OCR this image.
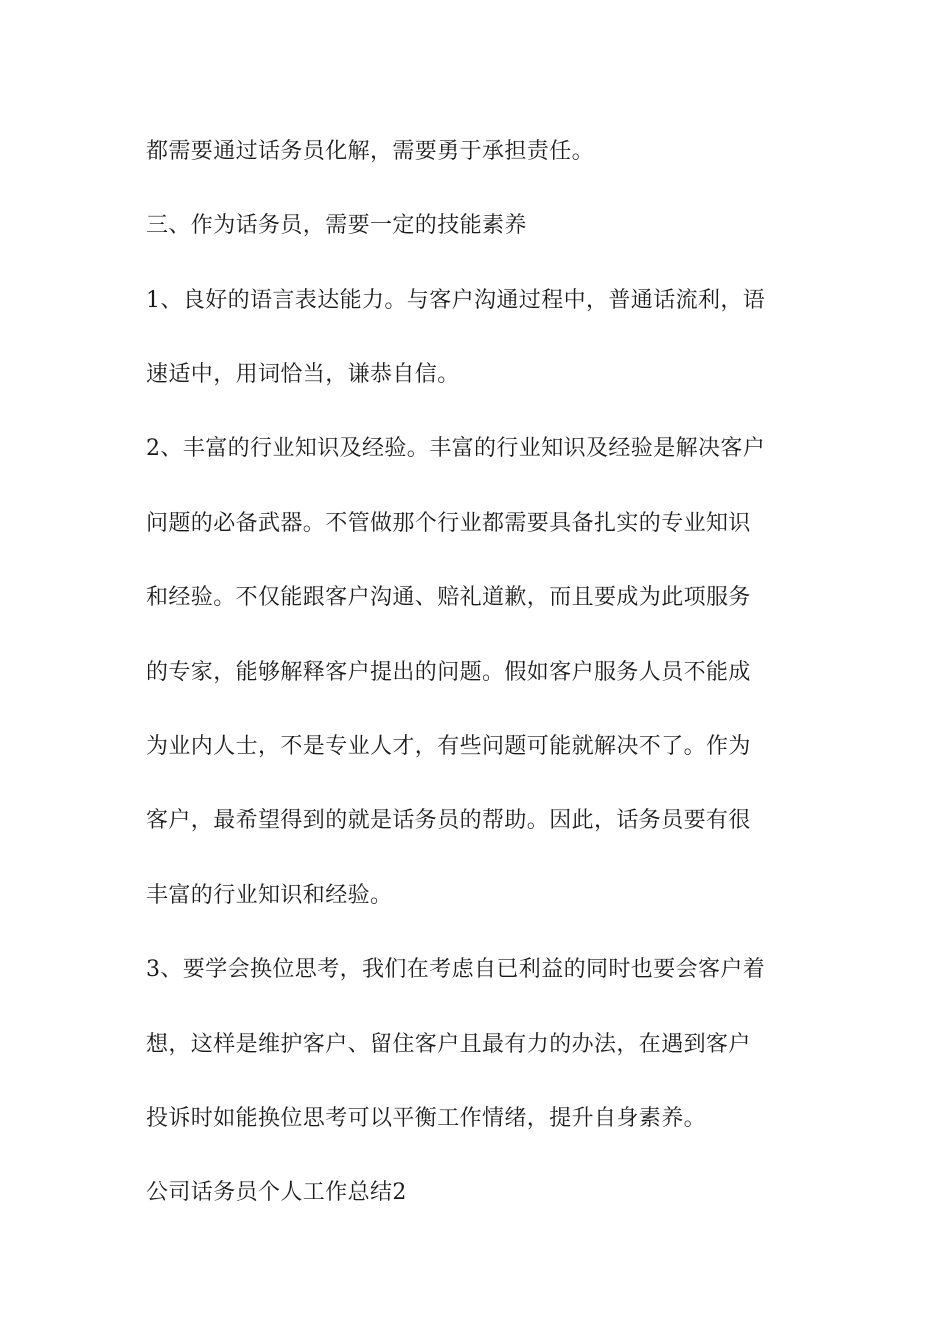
都需要通过话务员化解，需要勇于承担责任。
三、作为话务员，需要一定的技能素养
1、良好的语言表达能力。与客户沟通过程中，普通话流利，语
速适中，用词恰当，谦恭自信。
2、丰富的行业知识及经验。丰富的行业知识及经验是解决客户
问题的必备武器。不管做那个行业都需要具备扎实的专业知识
和经验。不仅能跟客户沟通、赔礼道歉，而且要成为此项服务
的专家，能够解释客户提出的问题。假如客户服务人员不能成
为业内人士，不是专业人才，有些问题可能就解决不了。作为
客户，最希望得到的就是话务员的帮助。因此，话务员要有很
丰富的行业知识和经验。
3、要学会换位思考，我们在考虑自已利益的同时也要会客户着
想，这样是维护客户、留住客户且最有力的办法，在遇到客户
投诉时如能换位思考可以平衡工作情绪，提升自身素养。
公司话务员个人工作总结2
